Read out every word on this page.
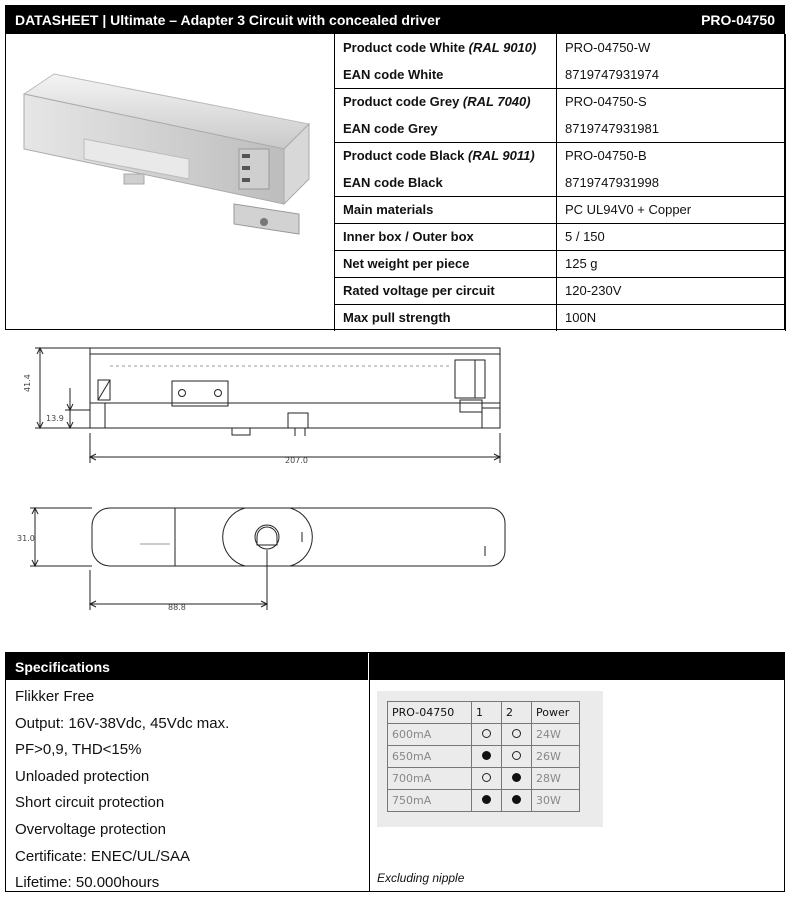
DATASHEET | Ultimate – Adapter 3 Circuit with concealed driver	PRO-04750
Product code White (RAL 9010)	PRO-04750-W
EAN code White	8719747931974
Product code Grey (RAL 7040)	PRO-04750-S
EAN code Grey	8719747931981
Product code Black (RAL 9011)	PRO-04750-B
EAN code Black	8719747931998
Main materials	PC UL94V0 + Copper
Inner box / Outer box	5 / 150
Net weight per piece	125 g
Rated voltage per circuit	120-230V
Max pull strength	100N
41.4
13.9
207.0
31.0
88.8
Specifications
Flikker Free
Output: 16V-38Vdc, 45Vdc max.
PF>0,9, THD<15%
Unloaded protection
Short circuit protection
Overvoltage protection
Certificate: ENEC/UL/SAA
Lifetime: 50.000hours
PRO-04750	1	2	Power
600mA			24W
650mA			26W
700mA			28W
750mA			30W
Excluding nipple
